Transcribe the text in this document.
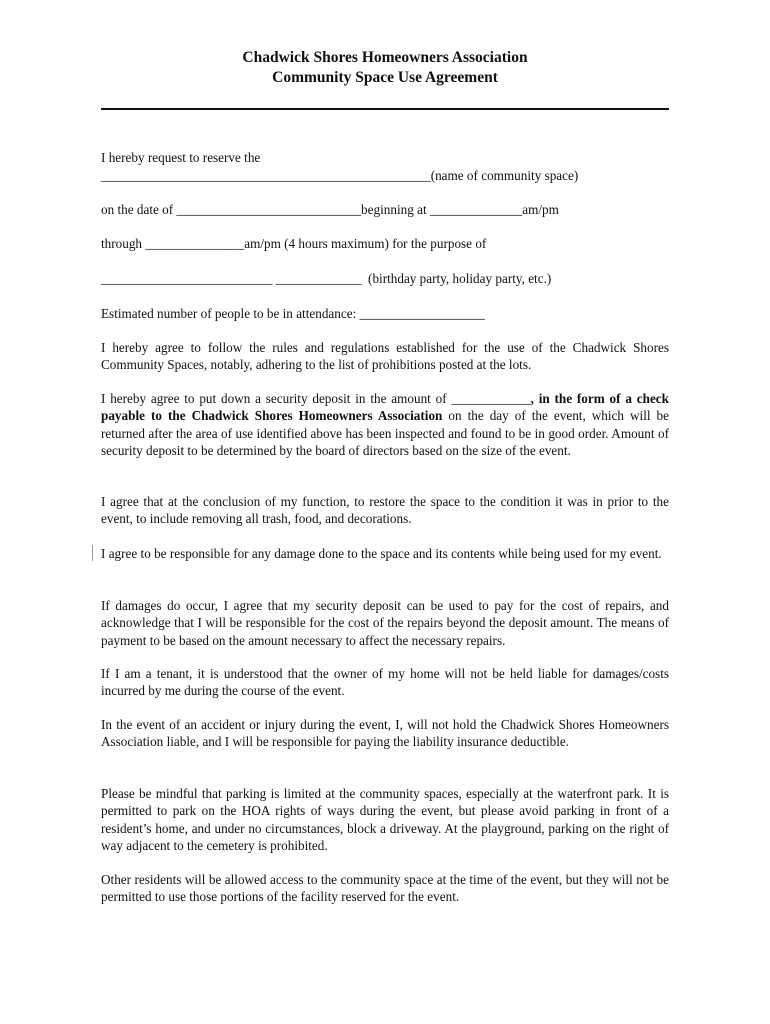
Chadwick Shores Homeowners Association
Community Space Use Agreement

I hereby request to reserve the

__________________________________________________(name of community space)

on the date of ____________________________beginning at ______________am/pm

through _______________am/pm (4 hours maximum) for the purpose of

__________________________ _____________  (birthday party, holiday party, etc.)

Estimated number of people to be in attendance: ___________________

I hereby agree to follow the rules and regulations established for the use of the Chadwick Shores Community Spaces, notably, adhering to the list of prohibitions posted at the lots.

I hereby agree to put down a security deposit in the amount of ____________, in the form of a check payable to the Chadwick Shores Homeowners Association on the day of the event, which will be returned after the area of use identified above has been inspected and found to be in good order. Amount of security deposit to be determined by the board of directors based on the size of the event.

I agree that at the conclusion of my function, to restore the space to the condition it was in prior to the event, to include removing all trash, food, and decorations.

I agree to be responsible for any damage done to the space and its contents while being used for my event.

If damages do occur, I agree that my security deposit can be used to pay for the cost of repairs, and acknowledge that I will be responsible for the cost of the repairs beyond the deposit amount. The means of payment to be based on the amount necessary to affect the necessary repairs.

If I am a tenant, it is understood that the owner of my home will not be held liable for damages/costs incurred by me during the course of the event.

In the event of an accident or injury during the event, I, will not hold the Chadwick Shores Homeowners Association liable, and I will be responsible for paying the liability insurance deductible.

Please be mindful that parking is limited at the community spaces, especially at the waterfront park. It is permitted to park on the HOA rights of ways during the event, but please avoid parking in front of a resident’s home, and under no circumstances, block a driveway. At the playground, parking on the right of way adjacent to the cemetery is prohibited.

Other residents will be allowed access to the community space at the time of the event, but they will not be permitted to use those portions of the facility reserved for the event.
